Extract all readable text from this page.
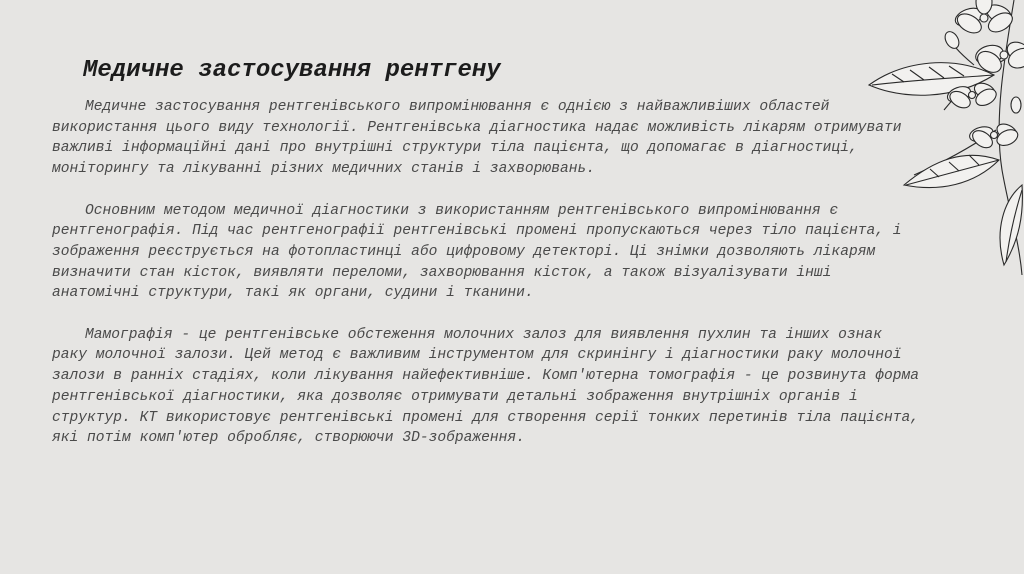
Медичне застосування рентгену

Медичне застосування рентгенівського випромінювання є однією з найважливіших областей використання цього виду технології. Рентгенівська діагностика надає можливість лікарям отримувати важливі інформаційні дані про внутрішні структури тіла пацієнта, що допомагає в діагностиці, моніторингу та лікуванні різних медичних станів і захворювань.

Основним методом медичної діагностики з використанням рентгенівського випромінювання є рентгенографія. Під час рентгенографії рентгенівські промені пропускаються через тіло пацієнта, і зображення реєструється на фотопластинці або цифровому детекторі. Ці знімки дозволяють лікарям визначити стан кісток, виявляти переломи, захворювання кісток, а також візуалізувати інші анатомічні структури, такі як органи, судини і тканини.

Мамографія - це рентгенівське обстеження молочних залоз для виявлення пухлин та інших ознак раку молочної залози. Цей метод є важливим інструментом для скринінгу і діагностики раку молочної залози в ранніх стадіях, коли лікування найефективніше. Комп'ютерна томографія - це розвинута форма рентгенівської діагностики, яка дозволяє отримувати детальні зображення внутрішніх органів і структур. КТ використовує рентгенівські промені для створення серії тонких перетинів тіла пацієнта, які потім комп'ютер обробляє, створюючи 3D-зображення.
